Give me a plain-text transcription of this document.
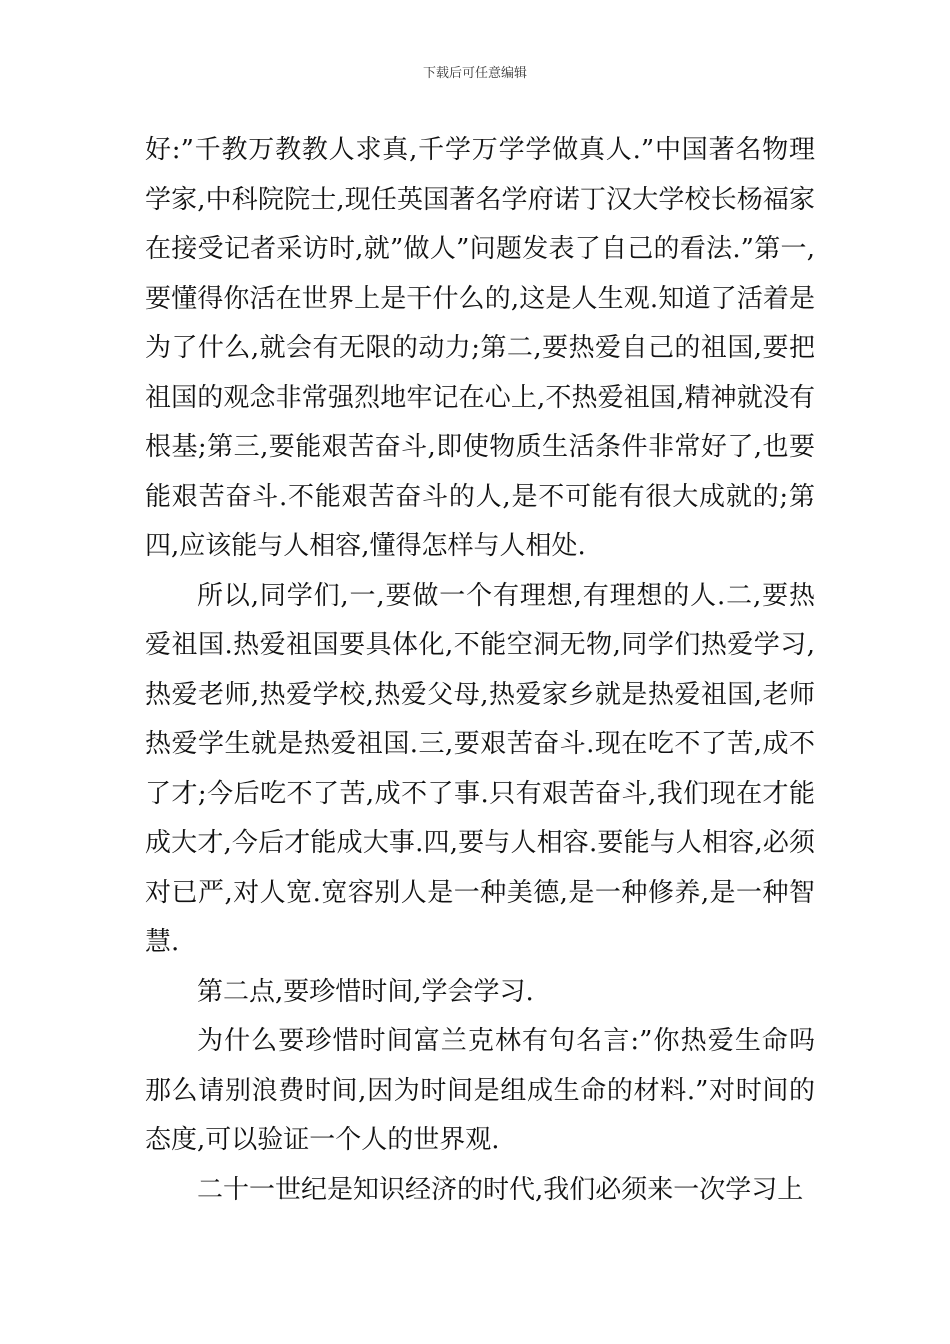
下载后可任意编辑

好:”千教万教教人求真,千学万学学做真人.”中国著名物理学家,中科院院士,现任英国著名学府诺丁汉大学校长杨福家在接受记者采访时,就”做人”问题发表了自己的看法.”第一,要懂得你活在世界上是干什么的,这是人生观.知道了活着是为了什么,就会有无限的动力;第二,要热爱自己的祖国,要把祖国的观念非常强烈地牢记在心上,不热爱祖国,精神就没有根基;第三,要能艰苦奋斗,即使物质生活条件非常好了,也要能艰苦奋斗.不能艰苦奋斗的人,是不可能有很大成就的;第四,应该能与人相容,懂得怎样与人相处.

所以,同学们,一,要做一个有理想,有理想的人.二,要热爱祖国.热爱祖国要具体化,不能空洞无物,同学们热爱学习,热爱老师,热爱学校,热爱父母,热爱家乡就是热爱祖国,老师热爱学生就是热爱祖国.三,要艰苦奋斗.现在吃不了苦,成不了才;今后吃不了苦,成不了事.只有艰苦奋斗,我们现在才能成大才,今后才能成大事.四,要与人相容.要能与人相容,必须对已严,对人宽.宽容别人是一种美德,是一种修养,是一种智慧.

第二点,要珍惜时间,学会学习.

为什么要珍惜时间富兰克林有句名言:”你热爱生命吗那么请别浪费时间,因为时间是组成生命的材料.”对时间的态度,可以验证一个人的世界观.

二十一世纪是知识经济的时代,我们必须来一次学习上
